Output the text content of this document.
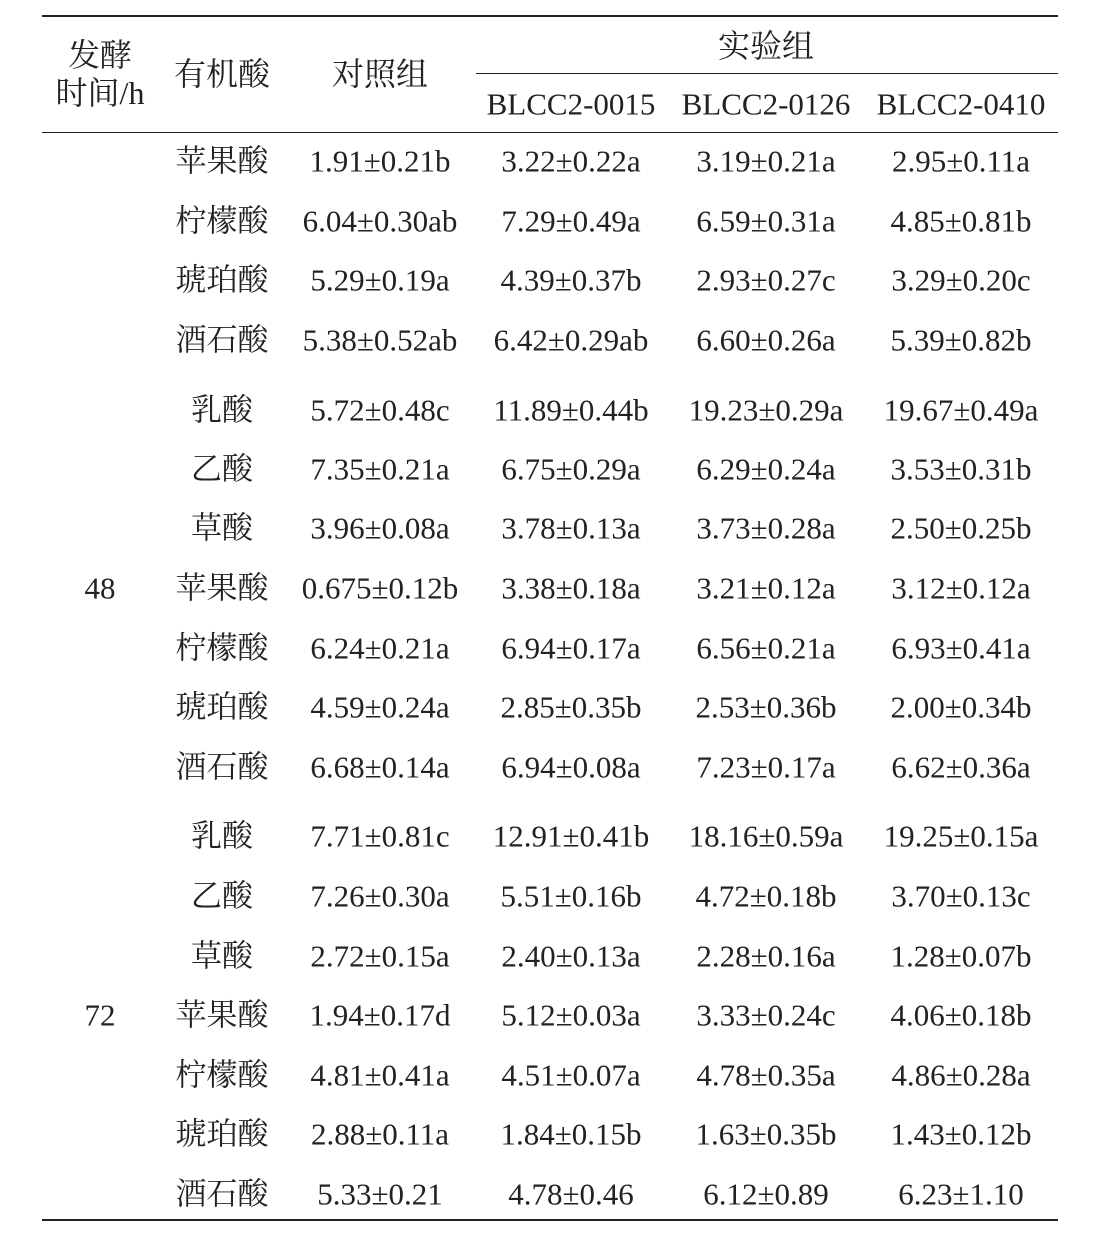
发酵
时间/h
有机酸 对照组
实验组
BLCC2-0015 BLCC2-0126 BLCC2-0410
苹果酸 1.91±0.21b 3.22±0.22a 3.19±0.21a 2.95±0.11a
柠檬酸 6.04±0.30ab 7.29±0.49a 6.59±0.31a 4.85±0.81b
琥珀酸 5.29±0.19a 4.39±0.37b 2.93±0.27c 3.29±0.20c
酒石酸 5.38±0.52ab 6.42±0.29ab 6.60±0.26a 5.39±0.82b
乳酸 5.72±0.48c 11.89±0.44b 19.23±0.29a 19.67±0.49a
乙酸 7.35±0.21a 6.75±0.29a 6.29±0.24a 3.53±0.31b
草酸 3.96±0.08a 3.78±0.13a 3.73±0.28a 2.50±0.25b
48 苹果酸 0.675±0.12b 3.38±0.18a 3.21±0.12a 3.12±0.12a
柠檬酸 6.24±0.21a 6.94±0.17a 6.56±0.21a 6.93±0.41a
琥珀酸 4.59±0.24a 2.85±0.35b 2.53±0.36b 2.00±0.34b
酒石酸 6.68±0.14a 6.94±0.08a 7.23±0.17a 6.62±0.36a
乳酸 7.71±0.81c 12.91±0.41b 18.16±0.59a 19.25±0.15a
乙酸 7.26±0.30a 5.51±0.16b 4.72±0.18b 3.70±0.13c
草酸 2.72±0.15a 2.40±0.13a 2.28±0.16a 1.28±0.07b
72 苹果酸 1.94±0.17d 5.12±0.03a 3.33±0.24c 4.06±0.18b
柠檬酸 4.81±0.41a 4.51±0.07a 4.78±0.35a 4.86±0.28a
琥珀酸 2.88±0.11a 1.84±0.15b 1.63±0.35b 1.43±0.12b
酒石酸 5.33±0.21 4.78±0.46 6.12±0.89 6.23±1.10
